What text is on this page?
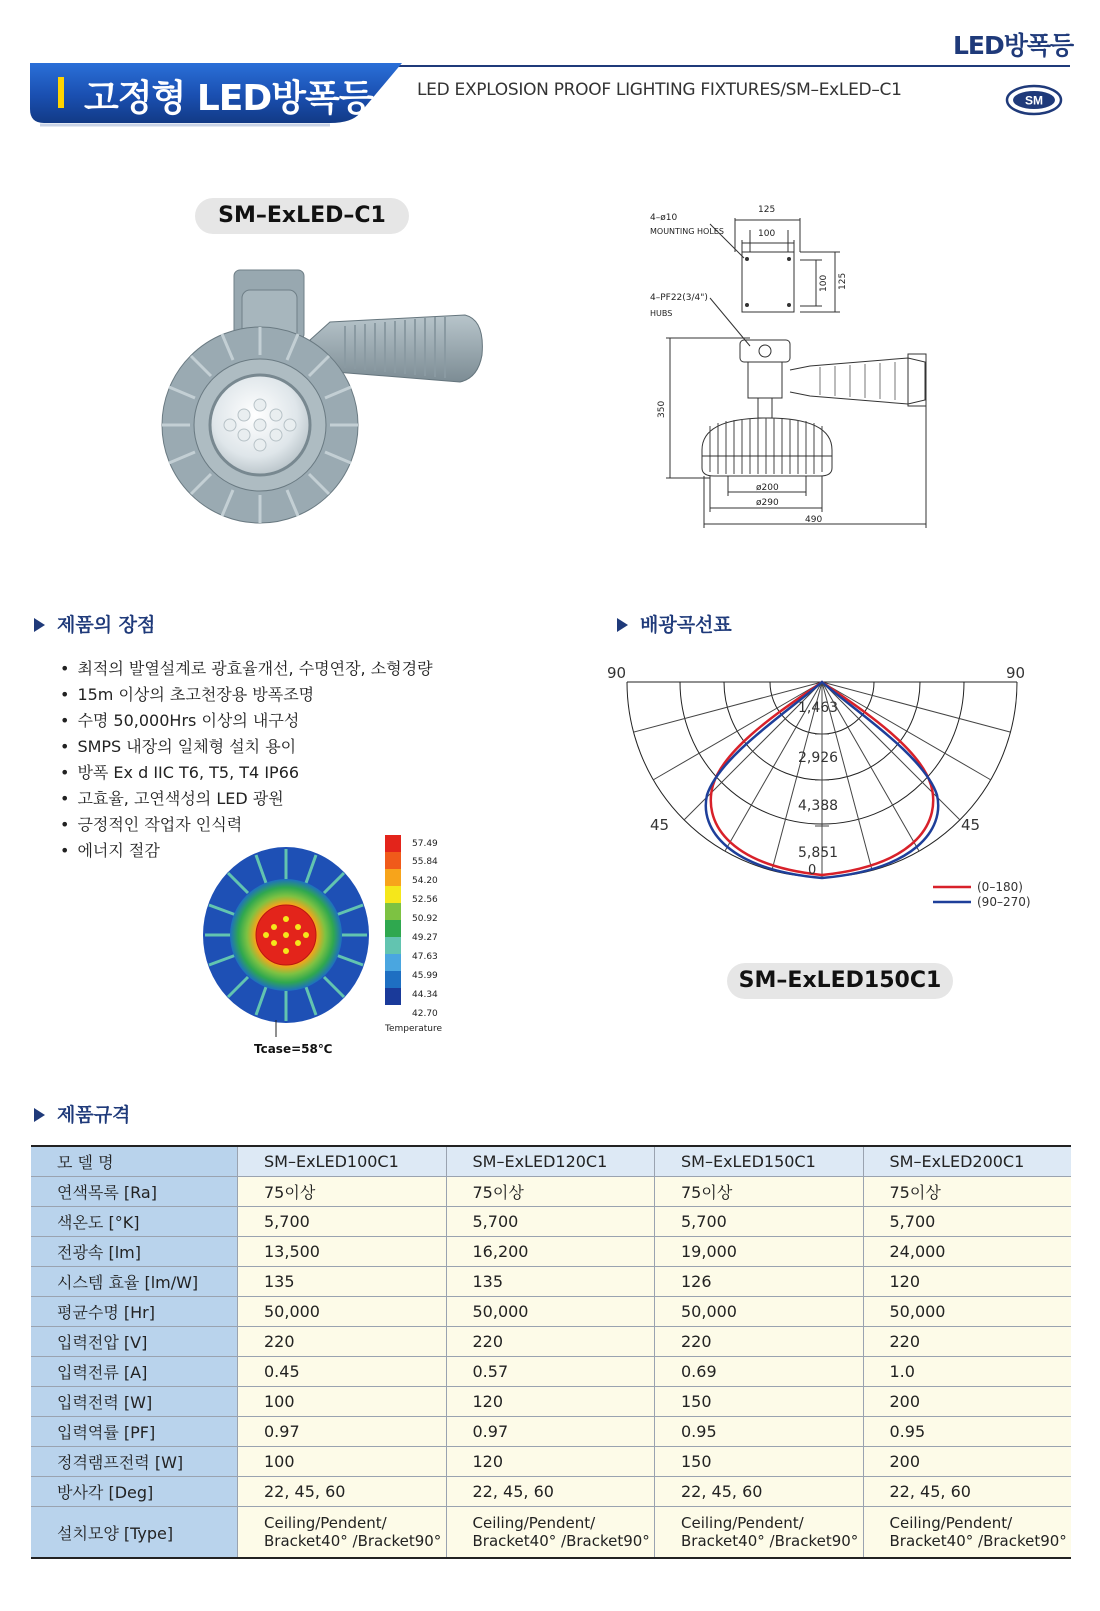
LED방폭등
고정형 LED방폭등	LED EXPLOSION PROOF LIGHTING FIXTURES/SM–ExLED–C1
SM
SM–ExLED–C1	4–ø10
MOUNTING HOLES
4–PF22(3/4")
HUBS
125
100
100 125
350
ø200
ø290
490
제품의 장점
• 최적의 발열설계로 광효율개선, 수명연장, 소형경량
• 15m 이상의 초고천장용 방폭조명
• 수명 50,000Hrs 이상의 내구성
• SMPS 내장의 일체형 설치 용이
• 방폭 Ex d IIC T6, T5, T4 IP66
• 고효율, 고연색성의 LED 광원
• 긍정적인 작업자 인식력
• 에너지 절감
Tcase=58℃
57.49
55.84
54.20
52.56
50.92
49.27
47.63
45.99
44.34
42.70
Temperature
배광곡선표
90	90
45	45
1,463
2,926
4,388
5,851
0
(0–180)
(90–270)
SM–ExLED150C1
제품규격
모 델 명	SM–ExLED100C1	SM–ExLED120C1	SM–ExLED150C1	SM–ExLED200C1
연색목록 [Ra]	75이상	75이상	75이상	75이상
색온도 [°K]	5,700	5,700	5,700	5,700
전광속 [lm]	13,500	16,200	19,000	24,000
시스템 효율 [lm/W]	135	135	126	120
평균수명 [Hr]	50,000	50,000	50,000	50,000
입력전압 [V]	220	220	220	220
입력전류 [A]	0.45	0.57	0.69	1.0
입력전력 [W]	100	120	150	200
입력역률 [PF]	0.97	0.97	0.95	0.95
정격램프전력 [W]	100	120	150	200
방사각 [Deg]	22, 45, 60	22, 45, 60	22, 45, 60	22, 45, 60
설치모양 [Type]	Ceiling/Pendent/
Bracket40° /Bracket90°	Ceiling/Pendent/
Bracket40° /Bracket90°	Ceiling/Pendent/
Bracket40° /Bracket90°	Ceiling/Pendent/
Bracket40° /Bracket90°
